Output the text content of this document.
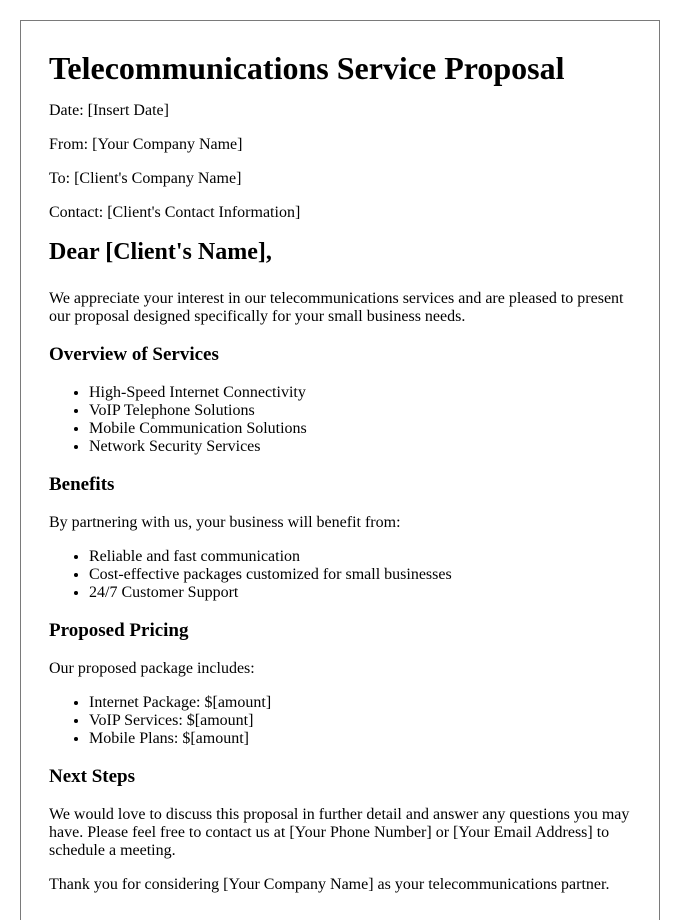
Telecommunications Service Proposal

Date: [Insert Date]

From: [Your Company Name]

To: [Client's Company Name]

Contact: [Client's Contact Information]

Dear [Client's Name],

We appreciate your interest in our telecommunications services and are pleased to present our proposal designed specifically for your small business needs.

Overview of Services
• High-Speed Internet Connectivity
• VoIP Telephone Solutions
• Mobile Communication Solutions
• Network Security Services
Benefits

By partnering with us, your business will benefit from:

• Reliable and fast communication
• Cost-effective packages customized for small businesses
• 24/7 Customer Support
Proposed Pricing

Our proposed package includes:

• Internet Package: $[amount]
• VoIP Services: $[amount]
• Mobile Plans: $[amount]
Next Steps

We would love to discuss this proposal in further detail and answer any questions you may have. Please feel free to contact us at [Your Phone Number] or [Your Email Address] to schedule a meeting.

Thank you for considering [Your Company Name] as your telecommunications partner.
